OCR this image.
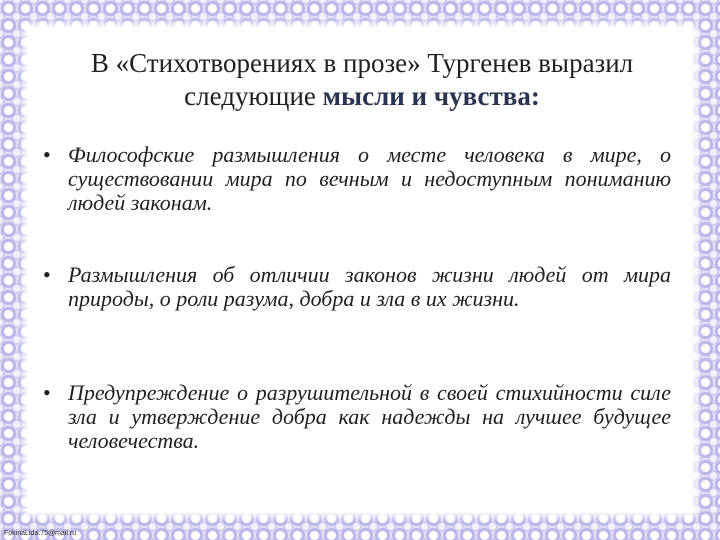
В «Стихотворениях в прозе» Тургенев выразил
следующие мысли и чувства:
• Философские размышления о месте человека в мире, о существовании мира по вечным и недоступным пониманию людей законам.
• Размышления об отличии законов жизни людей от мира природы, о роли разума, добра и зла в их жизни.
• Предупреждение о разрушительной в своей стихийности силе зла и утверждение добра как надежды на лучшее будущее человечества.
FokinaLida.75@mail.ru
